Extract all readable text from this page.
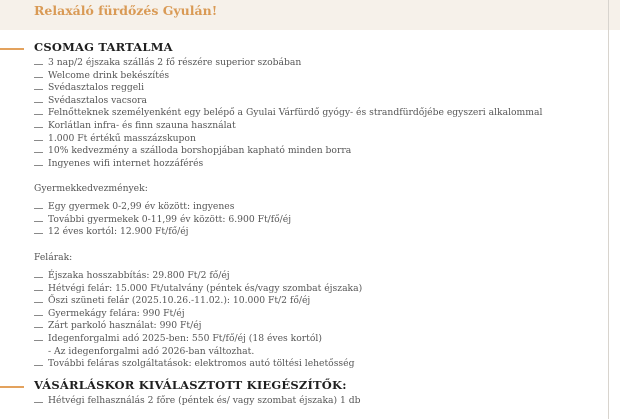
Relaxáló fürdőzés Gyulán!
CSOMAG TARTALMA
3 nap/2 éjszaka szállás 2 fő részére superior szobában
Welcome drink bekészítés
Svédasztalos reggeli
Svédasztalos vacsora
Felnőtteknek személyenként egy belépő a Gyulai Várfürdő gyógy- és strandfürdőjébe egyszeri alkalommal
Korlátlan infra- és finn szauna használat
1.000 Ft értékű masszázskupon
10% kedvezmény a szálloda borshopjában kapható minden borra
Ingyenes wifi internet hozzáférés
Gyermekkedvezmények:
Egy gyermek 0-2,99 év között: ingyenes
További gyermekek 0-11,99 év között: 6.900 Ft/fő/éj
12 éves kortól: 12.900 Ft/fő/éj
Felárak:
Éjszaka hosszabbítás: 29.800 Ft/2 fő/éj
Hétvégi felár: 15.000 Ft/utalvány (péntek és/vagy szombat éjszaka)
Őszi szüneti felár (2025.10.26.-11.02.): 10.000 Ft/2 fő/éj
Gyermekágy felára: 990 Ft/éj
Zárt parkoló használat: 990 Ft/éj
Idegenforgalmi adó 2025-ben: 550 Ft/fő/éj (18 éves kortól)
- Az idegenforgalmi adó 2026-ban változhat.
További feláras szolgáltatások: elektromos autó töltési lehetősség
VÁSÁRLÁSKOR KIVÁLASZTOTT KIEGÉSZÍTŐK:
Hétvégi felhasználás 2 főre (péntek és/ vagy szombat éjszaka) 1 db
